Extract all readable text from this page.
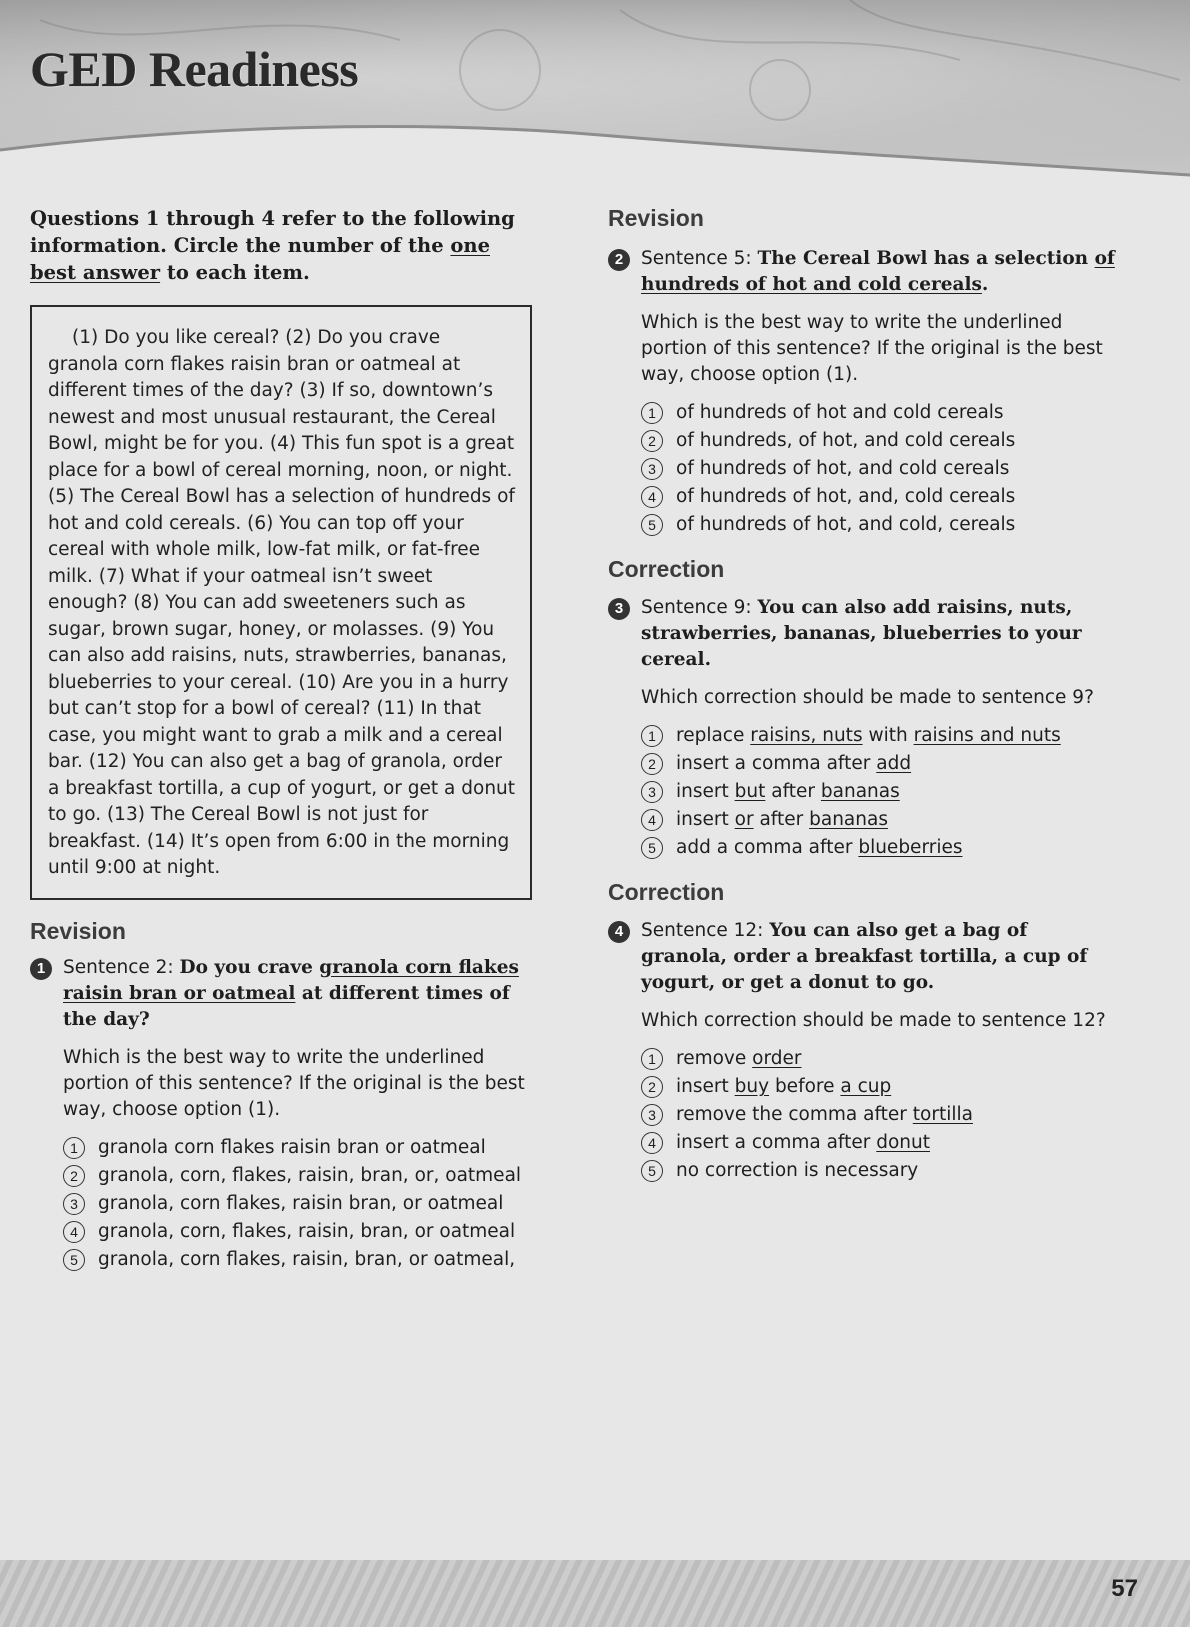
GED Readiness

Questions 1 through 4 refer to the following information. Circle the number of the one best answer to each item.

(1) Do you like cereal? (2) Do you crave granola corn flakes raisin bran or oatmeal at different times of the day? (3) If so, downtown’s newest and most unusual restaurant, the Cereal Bowl, might be for you. (4) This fun spot is a great place for a bowl of cereal morning, noon, or night. (5) The Cereal Bowl has a selection of hundreds of hot and cold cereals. (6) You can top off your cereal with whole milk, low-fat milk, or fat-free milk. (7) What if your oatmeal isn’t sweet enough? (8) You can add sweeteners such as sugar, brown sugar, honey, or molasses. (9) You can also add raisins, nuts, strawberries, bananas, blueberries to your cereal. (10) Are you in a hurry but can’t stop for a bowl of cereal? (11) In that case, you might want to grab a milk and a cereal bar. (12) You can also get a bag of granola, order a breakfast tortilla, a cup of yogurt, or get a donut to go. (13) The Cereal Bowl is not just for breakfast. (14) It’s open from 6:00 in the morning until 9:00 at night.

Revision
1 Sentence 2: Do you crave granola corn flakes raisin bran or oatmeal at different times of the day?

Which is the best way to write the underlined portion of this sentence? If the original is the best way, choose option (1).

1	granola corn flakes raisin bran or oatmeal
2	granola, corn, flakes, raisin, bran, or, oatmeal
3	granola, corn flakes, raisin bran, or oatmeal
4	granola, corn, flakes, raisin, bran, or oatmeal
5	granola, corn flakes, raisin, bran, or oatmeal,
Revision
2 Sentence 5: The Cereal Bowl has a selection of hundreds of hot and cold cereals.

Which is the best way to write the underlined portion of this sentence? If the original is the best way, choose option (1).

1	of hundreds of hot and cold cereals
2	of hundreds, of hot, and cold cereals
3	of hundreds of hot, and cold cereals
4	of hundreds of hot, and, cold cereals
5	of hundreds of hot, and cold, cereals
Correction
3 Sentence 9: You can also add raisins, nuts, strawberries, bananas, blueberries to your cereal.

Which correction should be made to sentence 9?

1	replace raisins, nuts with raisins and nuts
2	insert a comma after add
3	insert but after bananas
4	insert or after bananas
5	add a comma after blueberries
Correction
4 Sentence 12: You can also get a bag of granola, order a breakfast tortilla, a cup of yogurt, or get a donut to go.

Which correction should be made to sentence 12?

1	remove order
2	insert buy before a cup
3	remove the comma after tortilla
4	insert a comma after donut
5	no correction is necessary
57
